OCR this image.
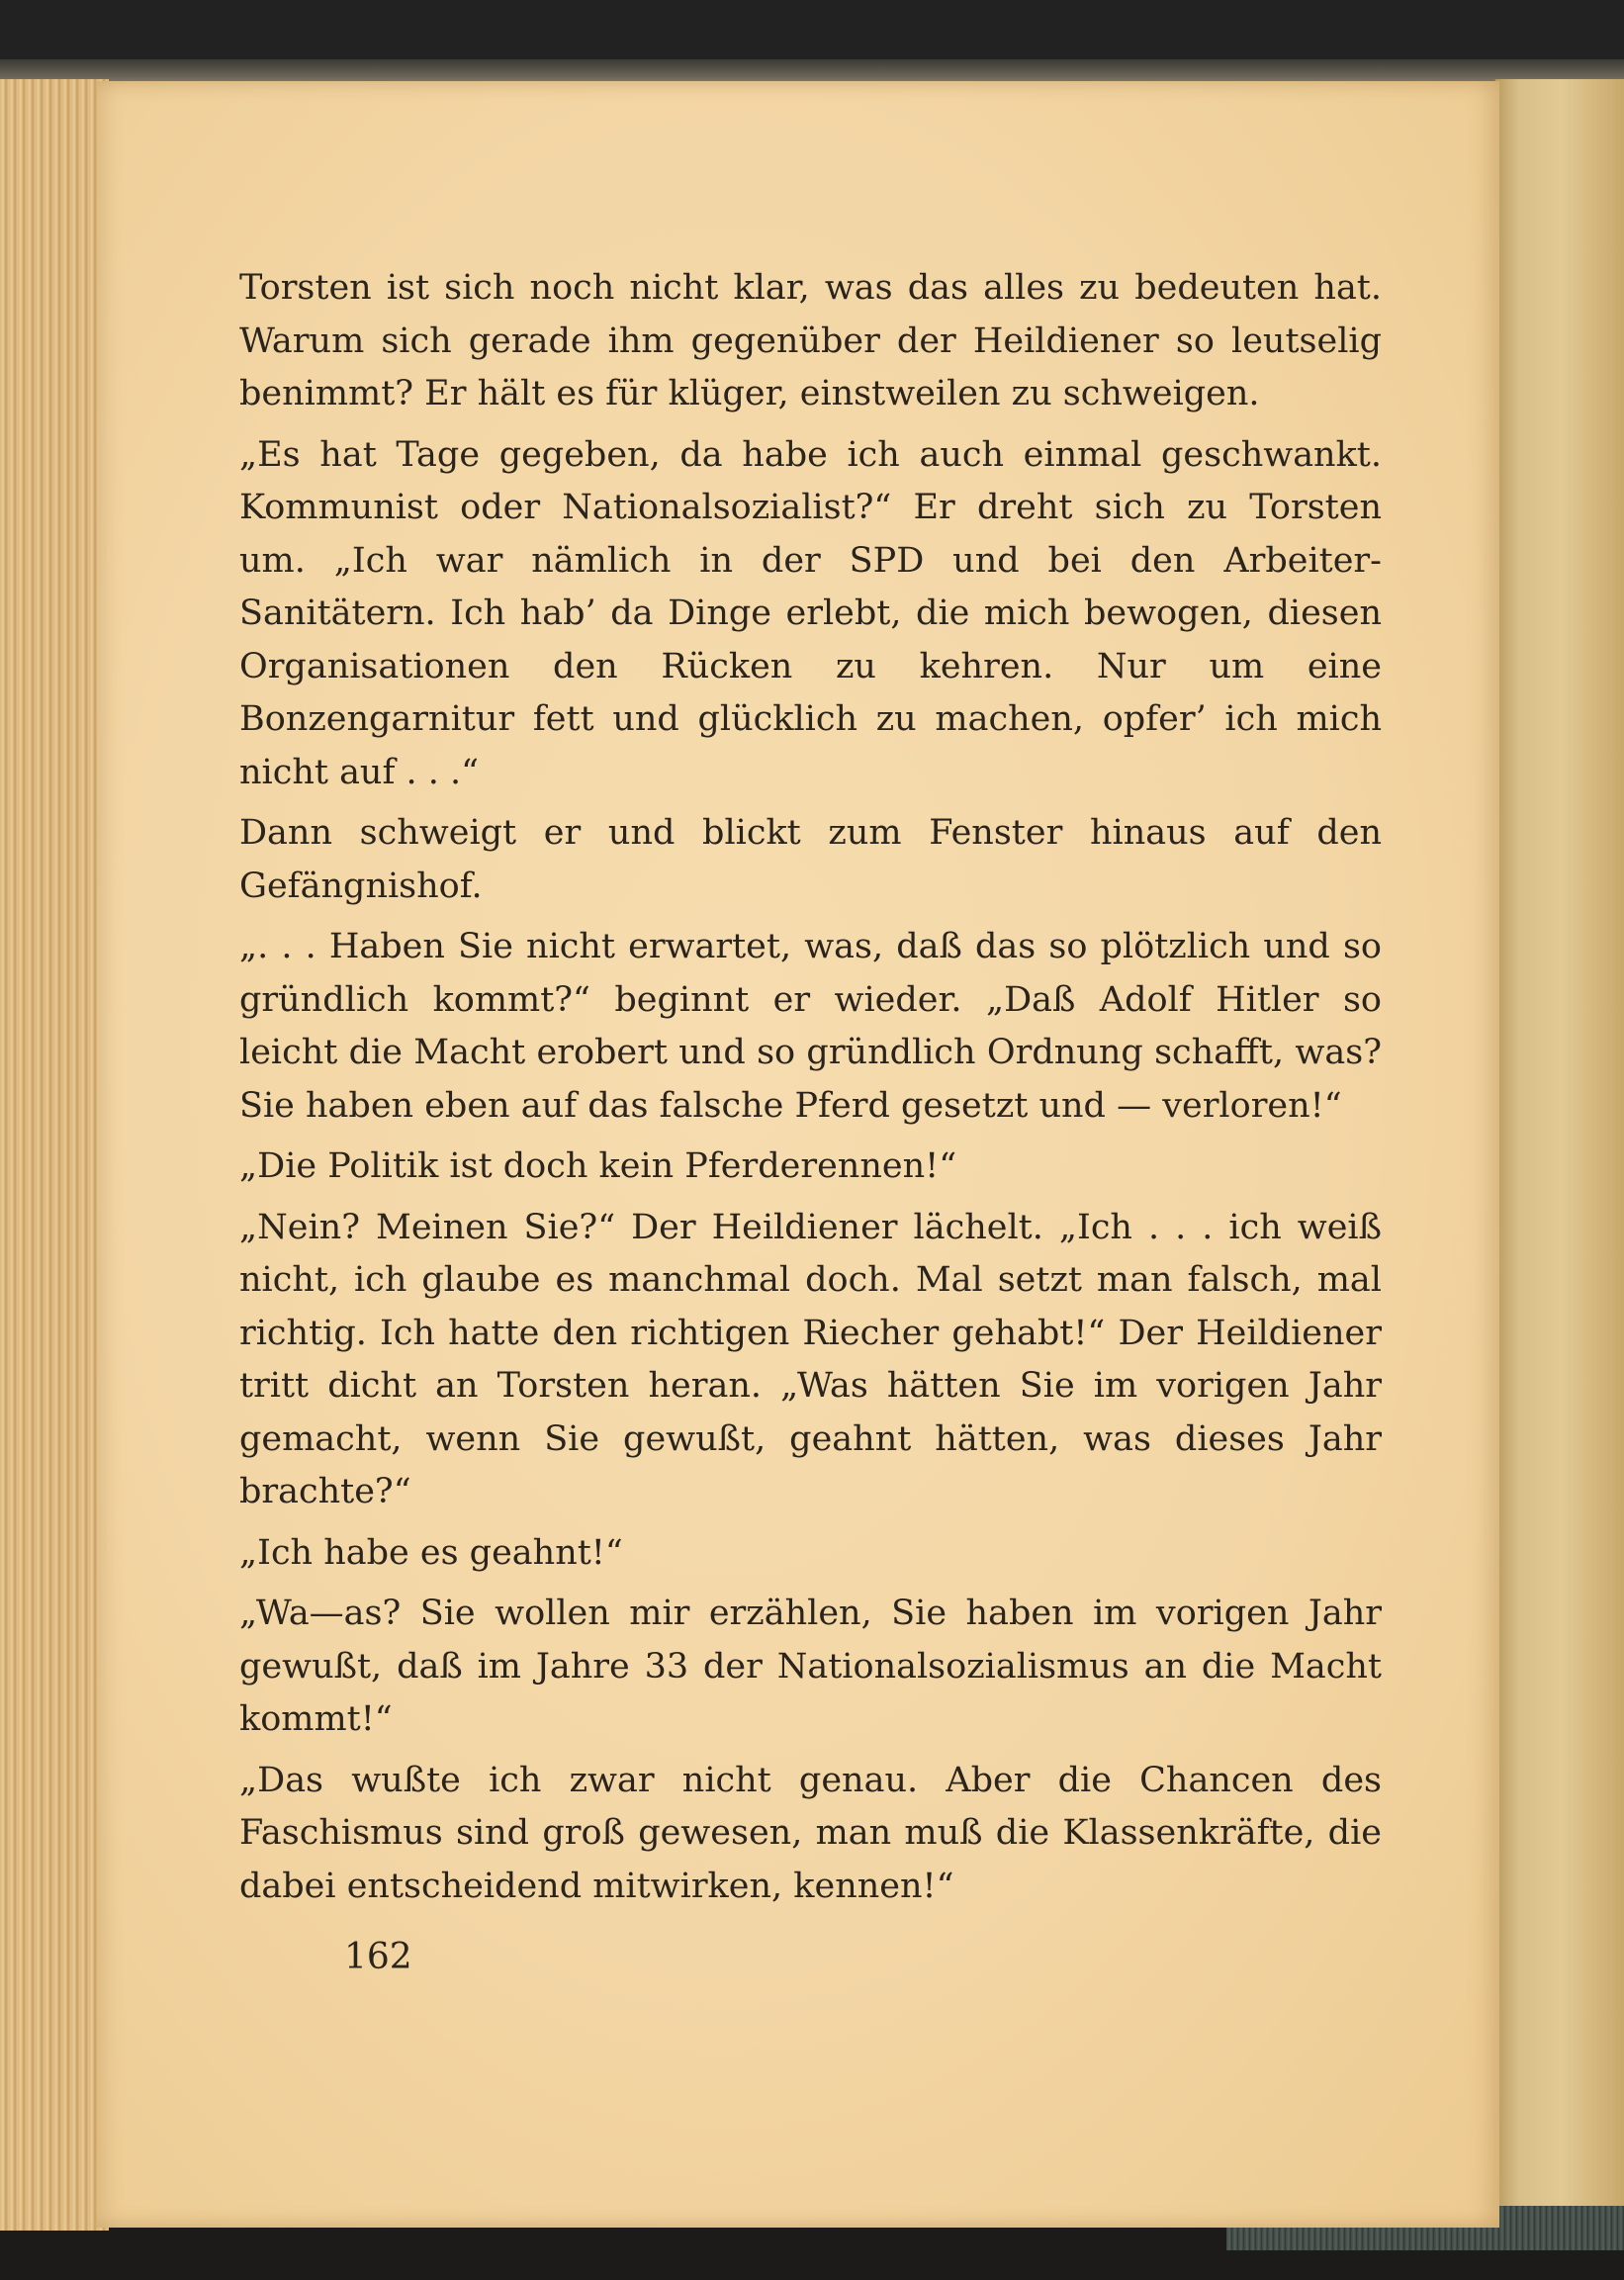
Torsten ist sich noch nicht klar, was das alles zu bedeuten hat. Warum sich gerade ihm gegenüber der Heildiener so leutselig benimmt? Er hält es für klüger, einstweilen zu schweigen.

„Es hat Tage gegeben, da habe ich auch einmal geschwankt. Kommunist oder Nationalsozialist?“ Er dreht sich zu Torsten um. „Ich war nämlich in der SPD und bei den Arbeiter-Sanitätern. Ich hab’ da Dinge erlebt, die mich bewogen, diesen Organisationen den Rücken zu kehren. Nur um eine Bonzengarnitur fett und glücklich zu machen, opfer’ ich mich nicht auf . . .“

Dann schweigt er und blickt zum Fenster hinaus auf den Gefängnishof.

„. . . Haben Sie nicht erwartet, was, daß das so plötzlich und so gründlich kommt?“ beginnt er wieder. „Daß Adolf Hitler so leicht die Macht erobert und so gründlich Ordnung schafft, was? Sie haben eben auf das falsche Pferd gesetzt und — verloren!“

„Die Politik ist doch kein Pferderennen!“

„Nein? Meinen Sie?“ Der Heildiener lächelt. „Ich . . . ich weiß nicht, ich glaube es manchmal doch. Mal setzt man falsch, mal richtig. Ich hatte den richtigen Riecher gehabt!“ Der Heildiener tritt dicht an Torsten heran. „Was hätten Sie im vorigen Jahr gemacht, wenn Sie gewußt, geahnt hätten, was dieses Jahr brachte?“

„Ich habe es geahnt!“

„Wa—as? Sie wollen mir erzählen, Sie haben im vorigen Jahr gewußt, daß im Jahre 33 der Nationalsozialismus an die Macht kommt!“

„Das wußte ich zwar nicht genau. Aber die Chancen des Faschismus sind groß gewesen, man muß die Klassenkräfte, die dabei entscheidend mitwirken, kennen!“

162
